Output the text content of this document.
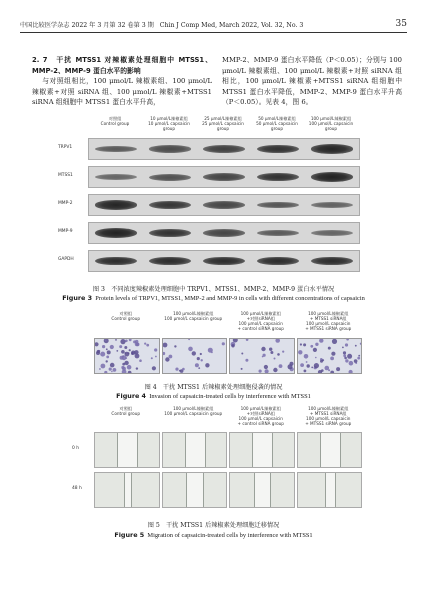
中国比较医学杂志 2022 年 3 月第 32 卷第 3 期 Chin J Comp Med, March 2022, Vol. 32, No. 3	35

2. 7　干扰 MTSS1 对辣椒素处理细胞中 MTSS1、MMP-2、MMP-9 蛋白水平的影响

与对照组相比，100 μmol/L 辣椒素组、100 μmol/L 辣椒素+对照 siRNA 组、100 μmol/L 辣椒素+MTSS1 siRNA 组细胞中 MTSS1 蛋白水平升高，

MMP-2、MMP-9 蛋白水平降低（P＜0.05）；分别与 100 μmol/L 辣椒素组、100 μmol/L 辣椒素+对照 siRNA 组相比，100 μmol/L 辣椒素+MTSS1 siRNA 组细胞中 MTSS1 蛋白水平降低，MMP-2、MMP-9 蛋白水平升高（P＜0.05）。见表 4，图 6。

对照组
Control group
10 μmol/L辣椒素组
10 μmol/L capsaicin group
25 μmol/L辣椒素组
25 μmol/L capsaicin group
50 μmol/L辣椒素组
50 μmol/L capsaicin group
100 μmol/L辣椒素组
100 μmol/L capsaicin group
TRPV1
MTSS1
MMP-2
MMP-9
GAPDH
图 3　不同浓度辣椒素处理细胞中 TRPV1、MTSS1、MMP-2、MMP-9 蛋白水平情况
Figure 3 Protein levels of TRPV1, MTSS1, MMP-2 and MMP-9 in cells with different concentrations of capsaicin
对照组
Control group
100 μmol/L辣椒素组
100 μmol/L capsaicin group
100 μmol/L辣椒素组
+对照siRNA组
100 μmol/L capsaicin
+ control siRNA group
100 μmol/L辣椒素组
+ MTSS1 siRNA组
100 μmol/L capsaicin
+ MTSS1 siRNA group
图 4　干扰 MTSS1 后辣椒素处理细胞侵袭的情况
Figure 4 Invasion of capsaicin-treated cells by interference with MTSS1
对照组
Control group
100 μmol/L辣椒素组
100 μmol/L capsaicin group
100 μmol/L辣椒素组
+对照siRNA组
100 μmol/L capsaicin
+ control siRNA group
100 μmol/L辣椒素组
+ MTSS1 siRNA组
100 μmol/L capsaicin
+ MTSS1 siRNA group
0 h
48 h
图 5　干扰 MTSS1 后辣椒素处理细胞迁移情况
Figure 5 Migration of capsaicin-treated cells by interference with MTSS1
